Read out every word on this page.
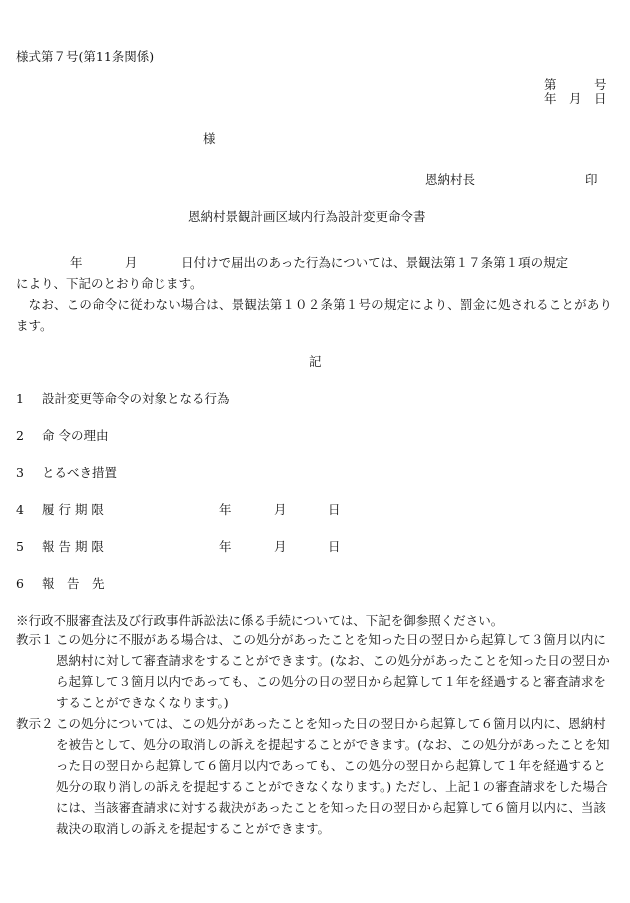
様式第７号(第11条関係)
第　　　号
年　月　日
様
恩納村長	印
恩納村景観計画区域内行為設計変更命令書
年	月	日付けで届出のあった行為については、景観法第１７条第１項の規定
により、下記のとおり命じます。
　なお、この命令に従わない場合は、景観法第１０２条第１号の規定により、罰金に処されることがあります。
記
1 設計変更等命令の対象となる行為
2 命 令の理由
3 とるべき措置
4 履 行 期 限	年	月	日
5 報 告 期 限	年	月	日
6 報　告　先
※行政不服審査法及び行政事件訴訟法に係る手続については、下記を御参照ください。
教示１ この処分に不服がある場合は、この処分があったことを知った日の翌日から起算して３箇月以内に恩納村に対して審査請求をすることができます。(なお、この処分があったことを知った日の翌日から起算して３箇月以内であっても、この処分の日の翌日から起算して１年を経過すると審査請求をすることができなくなります。)
教示２ この処分については、この処分があったことを知った日の翌日から起算して６箇月以内に、恩納村を被告として、処分の取消しの訴えを提起することができます。(なお、この処分があったことを知った日の翌日から起算して６箇月以内であっても、この処分の翌日から起算して１年を経過すると処分の取り消しの訴えを提起することができなくなります。) ただし、上記１の審査請求をした場合には、当該審査請求に対する裁決があったことを知った日の翌日から起算して６箇月以内に、当該裁決の取消しの訴えを提起することができます。
